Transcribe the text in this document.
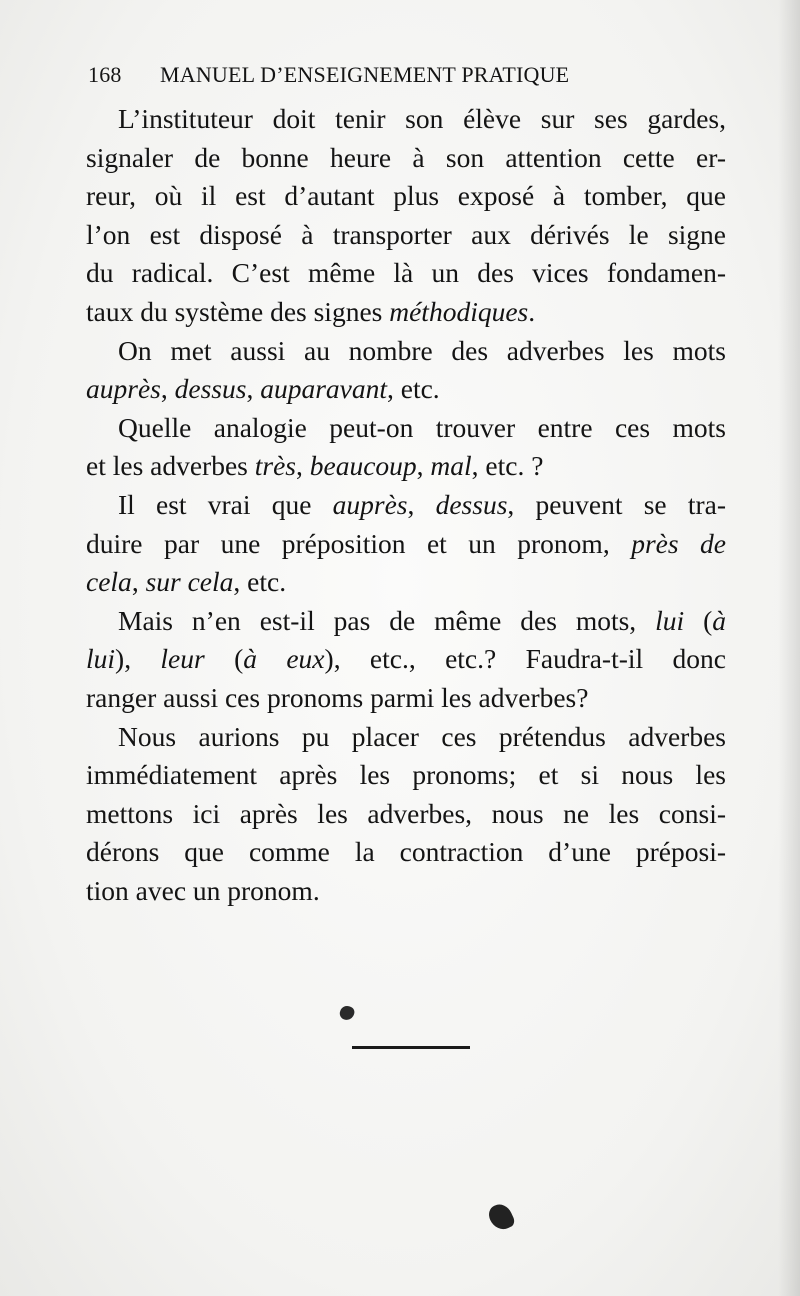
168 MANUEL D’ENSEIGNEMENT PRATIQUE
L’instituteur doit tenir son élève sur ses gardes,
signaler de bonne heure à son attention cette er-
reur, où il est d’autant plus exposé à tomber, que
l’on est disposé à transporter aux dérivés le signe
du radical. C’est même là un des vices fondamen-
taux du système des signes méthodiques.
On met aussi au nombre des adverbes les mots
auprès, dessus, auparavant, etc.
Quelle analogie peut-on trouver entre ces mots
et les adverbes très, beaucoup, mal, etc. ?
Il est vrai que auprès, dessus, peuvent se tra-
duire par une préposition et un pronom, près de
cela, sur cela, etc.
Mais n’en est-il pas de même des mots, lui (à
lui), leur (à eux), etc., etc.? Faudra-t-il donc
ranger aussi ces pronoms parmi les adverbes?
Nous aurions pu placer ces prétendus adverbes
immédiatement après les pronoms; et si nous les
mettons ici après les adverbes, nous ne les consi-
dérons que comme la contraction d’une préposi-
tion avec un pronom.
